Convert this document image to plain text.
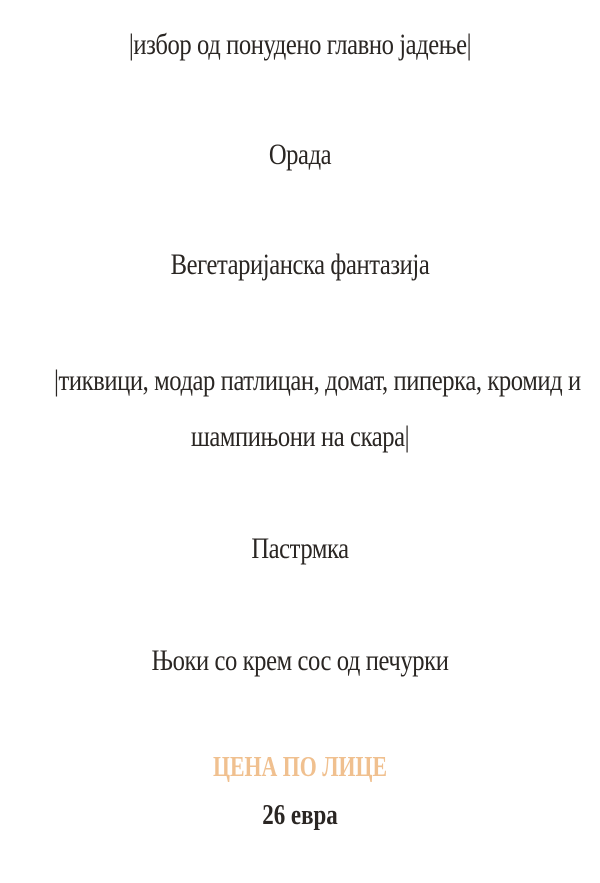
|избор од понудено главно јадење|
Орада
Вегетаријанска фантазија
|тиквици, модар патлицан, домат, пиперка, кромид и
шампињони на скара|
Пастрмка
Њоки со крем сос од печурки
ЦЕНА ПО ЛИЦЕ
26 евра
